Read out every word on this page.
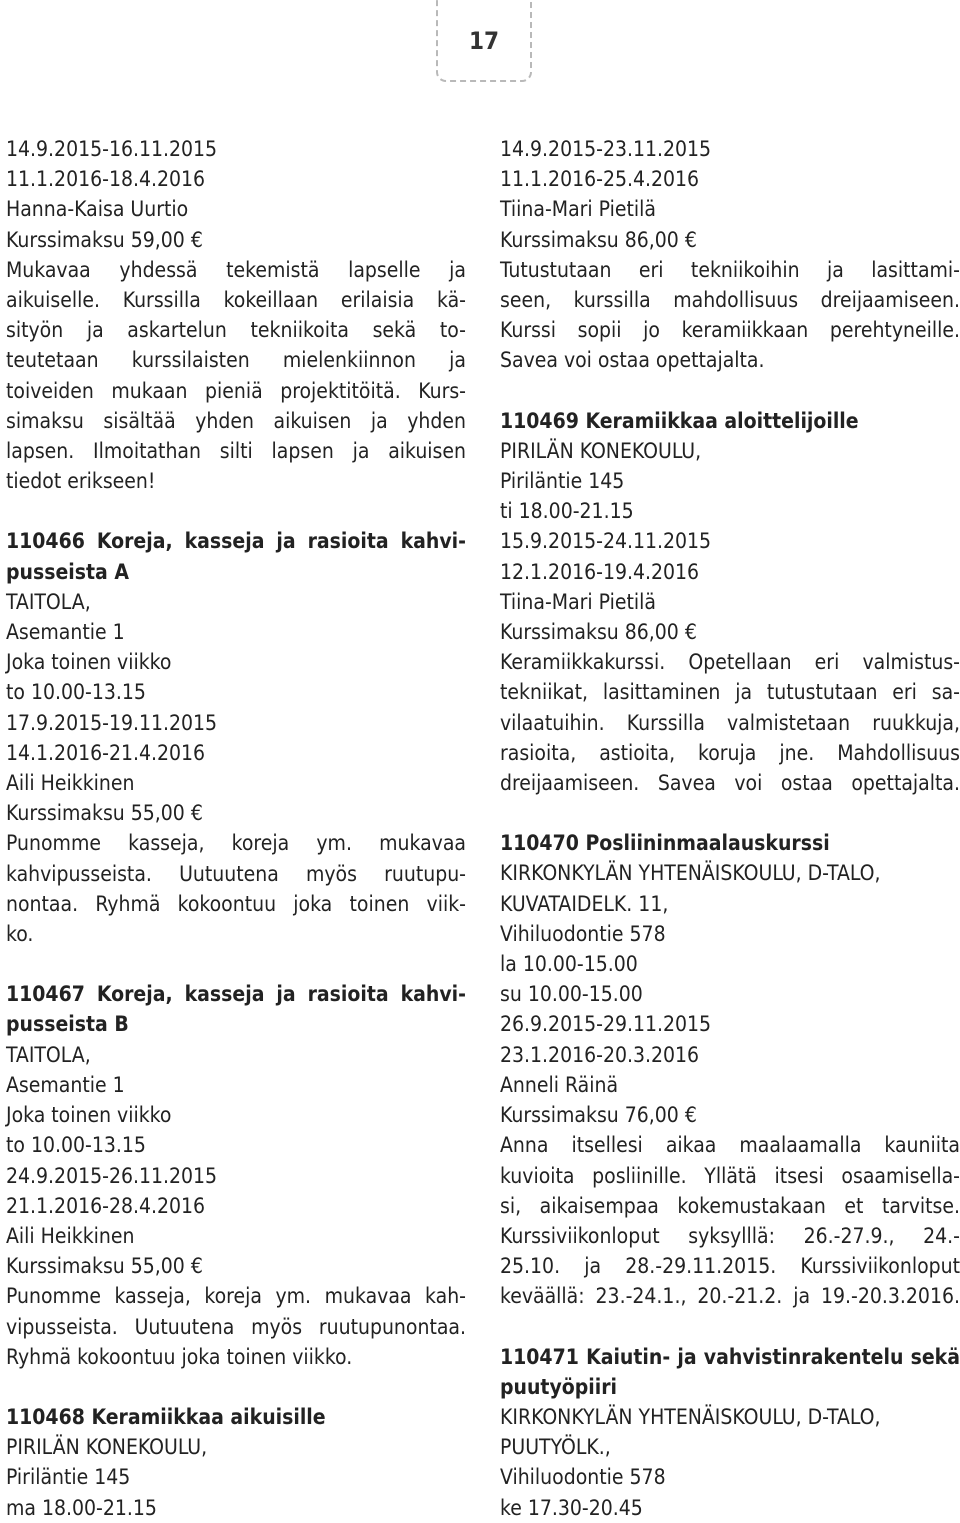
17
14.9.2015-16.11.2015
11.1.2016-18.4.2016
Hanna-Kaisa Uurtio
Kurssimaksu 59,00 €
Mukavaa yhdessä tekemistä lapselle ja
aikuiselle. Kurssilla kokeillaan erilaisia kä-
sityön ja askartelun tekniikoita sekä to-
teutetaan kurssilaisten mielenkiinnon ja
toiveiden mukaan pieniä projektitöitä. Kurs-
simaksu sisältää yhden aikuisen ja yhden
lapsen. Ilmoitathan silti lapsen ja aikuisen
tiedot erikseen!
110466 Koreja, kasseja ja rasioita kahvi-
pusseista A
TAITOLA,
Asemantie 1
Joka toinen viikko
to 10.00-13.15
17.9.2015-19.11.2015
14.1.2016-21.4.2016
Aili Heikkinen
Kurssimaksu 55,00 €
Punomme kasseja, koreja ym. mukavaa
kahvipusseista. Uutuutena myös ruutupu-
nontaa. Ryhmä kokoontuu joka toinen viik-
ko.
110467 Koreja, kasseja ja rasioita kahvi-
pusseista B
TAITOLA,
Asemantie 1
Joka toinen viikko
to 10.00-13.15
24.9.2015-26.11.2015
21.1.2016-28.4.2016
Aili Heikkinen
Kurssimaksu 55,00 €
Punomme kasseja, koreja ym. mukavaa kah-
vipusseista. Uutuutena myös ruutupunontaa.
Ryhmä kokoontuu joka toinen viikko.
110468 Keramiikkaa aikuisille
PIRILÄN KONEKOULU,
Piriläntie 145
ma 18.00-21.15
14.9.2015-23.11.2015
11.1.2016-25.4.2016
Tiina-Mari Pietilä
Kurssimaksu 86,00 €
Tutustutaan eri tekniikoihin ja lasittami-
seen, kurssilla mahdollisuus dreijaamiseen.
Kurssi sopii jo keramiikkaan perehtyneille.
Savea voi ostaa opettajalta.
110469 Keramiikkaa aloittelijoille
PIRILÄN KONEKOULU,
Piriläntie 145
ti 18.00-21.15
15.9.2015-24.11.2015
12.1.2016-19.4.2016
Tiina-Mari Pietilä
Kurssimaksu 86,00 €
Keramiikkakurssi. Opetellaan eri valmistus-
tekniikat, lasittaminen ja tutustutaan eri sa-
vilaatuihin. Kurssilla valmistetaan ruukkuja,
rasioita, astioita, koruja jne. Mahdollisuus
dreijaamiseen. Savea voi ostaa opettajalta.
110470 Posliininmaalauskurssi
KIRKONKYLÄN YHTENÄISKOULU, D-TALO,
KUVATAIDELK. 11,
Vihiluodontie 578
la 10.00-15.00
su 10.00-15.00
26.9.2015-29.11.2015
23.1.2016-20.3.2016
Anneli Räinä
Kurssimaksu 76,00 €
Anna itsellesi aikaa maalaamalla kauniita
kuvioita posliinille. Yllätä itsesi osaamisella-
si, aikaisempaa kokemustakaan et tarvitse.
Kurssiviikonloput syksylllä: 26.-27.9., 24.-
25.10. ja 28.-29.11.2015. Kurssiviikonloput
keväällä: 23.-24.1., 20.-21.2. ja 19.-20.3.2016.
110471 Kaiutin- ja vahvistinrakentelu sekä
puutyöpiiri
KIRKONKYLÄN YHTENÄISKOULU, D-TALO,
PUUTYÖLK.,
Vihiluodontie 578
ke 17.30-20.45
